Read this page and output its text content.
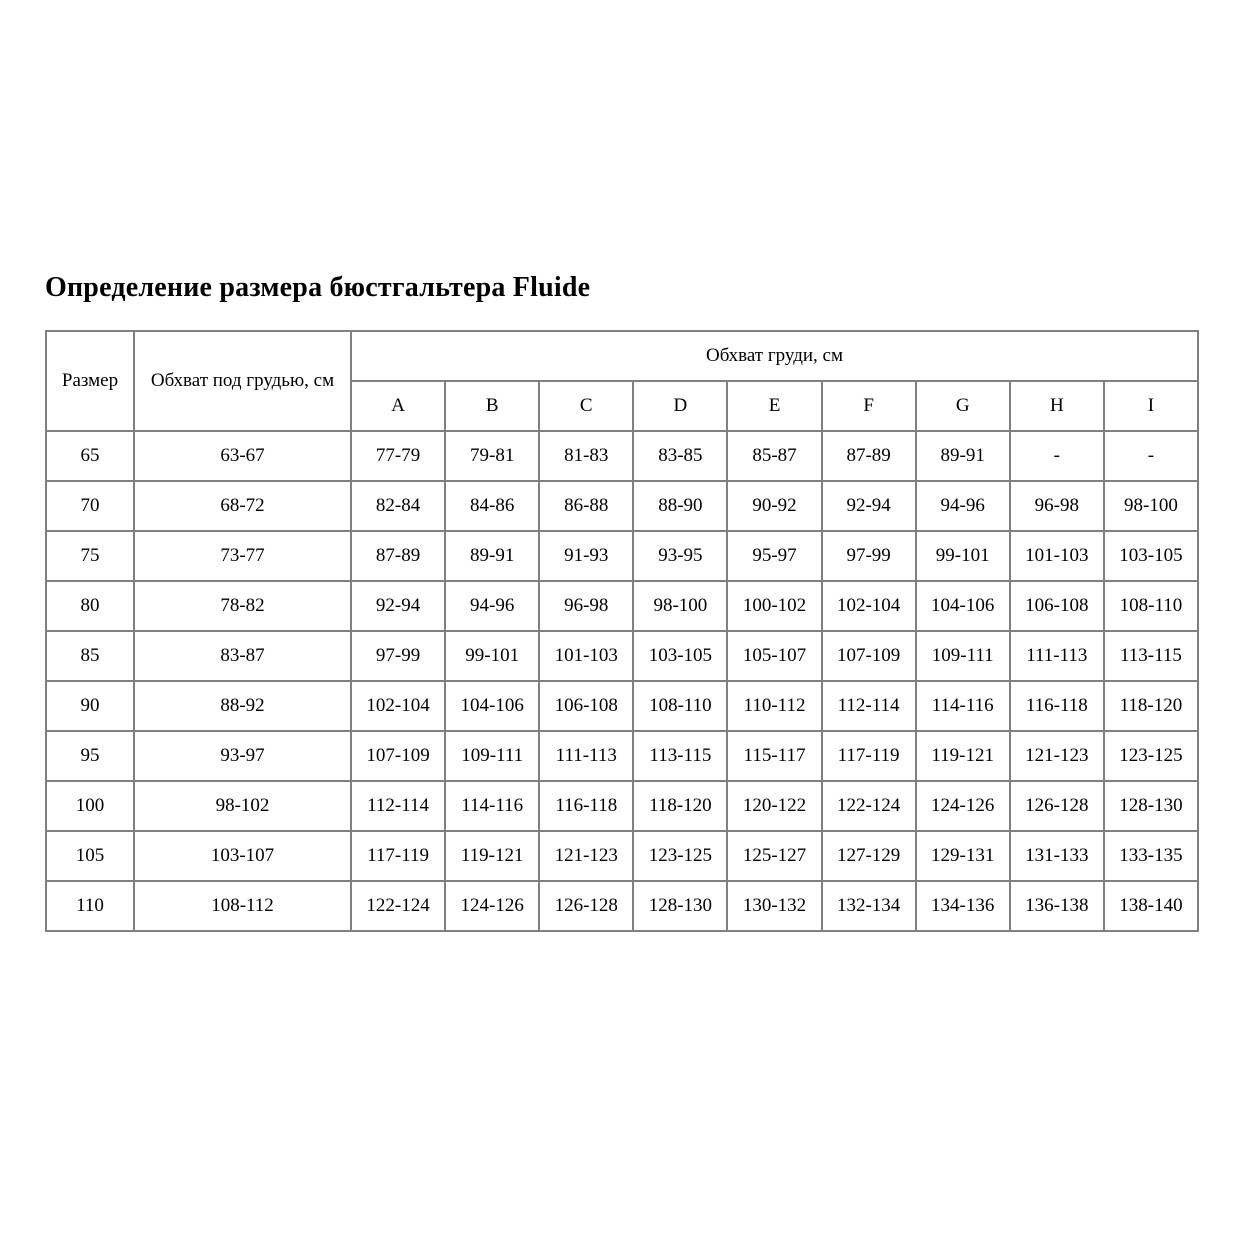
Определение размера бюстгальтера Fluide
Размер	Обхват под грудью, см	Обхват груди, см								
		A	B	C	D	E	F	G	H	I
65	63-67	77-79	79-81	81-83	83-85	85-87	87-89	89-91	-	-
70	68-72	82-84	84-86	86-88	88-90	90-92	92-94	94-96	96-98	98-100
75	73-77	87-89	89-91	91-93	93-95	95-97	97-99	99-101	101-103	103-105
80	78-82	92-94	94-96	96-98	98-100	100-102	102-104	104-106	106-108	108-110
85	83-87	97-99	99-101	101-103	103-105	105-107	107-109	109-111	111-113	113-115
90	88-92	102-104	104-106	106-108	108-110	110-112	112-114	114-116	116-118	118-120
95	93-97	107-109	109-111	111-113	113-115	115-117	117-119	119-121	121-123	123-125
100	98-102	112-114	114-116	116-118	118-120	120-122	122-124	124-126	126-128	128-130
105	103-107	117-119	119-121	121-123	123-125	125-127	127-129	129-131	131-133	133-135
110	108-112	122-124	124-126	126-128	128-130	130-132	132-134	134-136	136-138	138-140
